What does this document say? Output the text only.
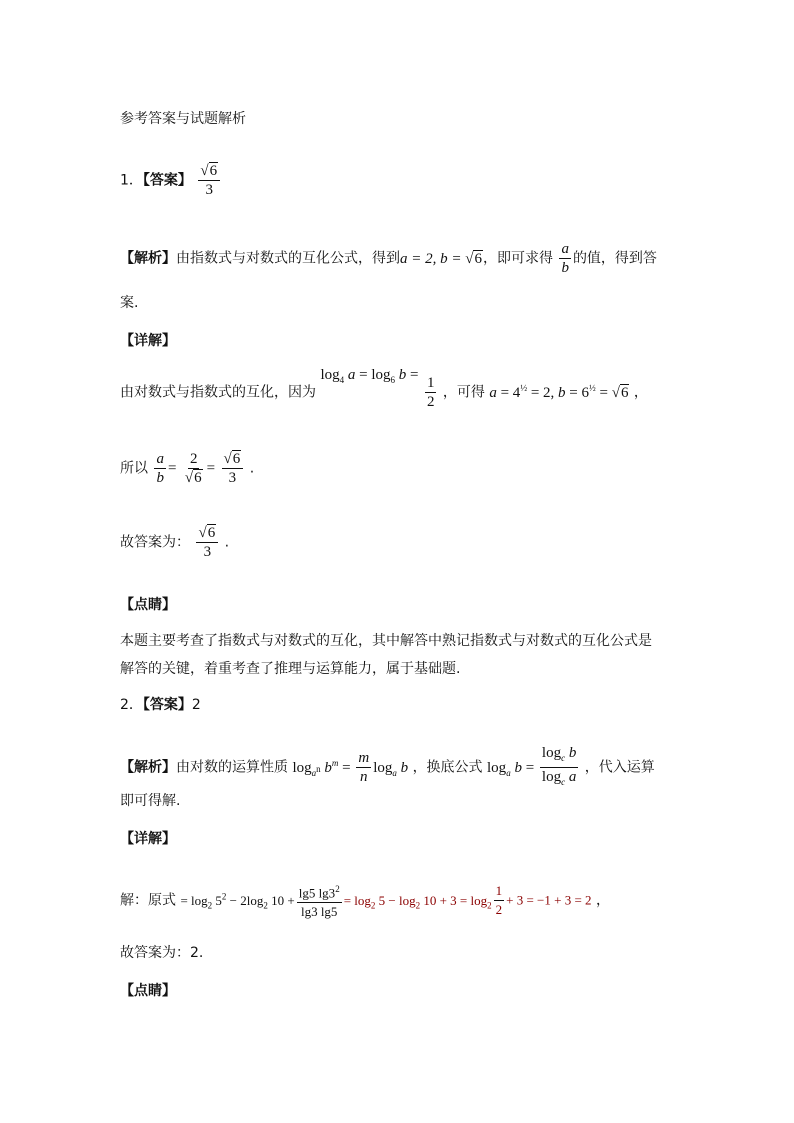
参考答案与试题解析
1．【答案】 $\frac{√6}{3}$
【解析】由指数式与对数式的互化公式，得到a = 2, b = √6，即可求得 $\frac{a}{b}$ 的值，得到答
案.
【详解】
由对数式与指数式的互化，因为 $\log_4 a = \log_6 b = \frac{1}{2}$ ，可得 $a = 4^{\frac{1}{2}} = 2$, $b = 6^{\frac{1}{2}} = √6$ ，
所以 $\frac{a}{b} = \frac{2}{√6} = \frac{√6}{3}$ .
故答案为： $\frac{√6}{3}$ .
【点睛】
本题主要考查了指数式与对数式的互化，其中解答中熟记指数式与对数式的互化公式是
解答的关键，着重考查了推理与运算能力，属于基础题.
2．【答案】2
【解析】由对数的运算性质 $\log_{a^n} b^m = \frac{m}{n} \log_a b$ ，换底公式 $\log_a b = \frac{\log_c b}{\log_c a}$ ，代入运算
即可得解.
【详解】
解：原式 = $\log_2 5^2 - 2\log_2$ $10 + \frac{\lg 5 \lg 3^2}{\lg 3 \lg 5} = \log_2 5 - \log_2 10 + 3 = \log_2 \frac{1}{2} + 3 = -1 + 3 = 2$ ，
故答案为：2.
【点睛】
